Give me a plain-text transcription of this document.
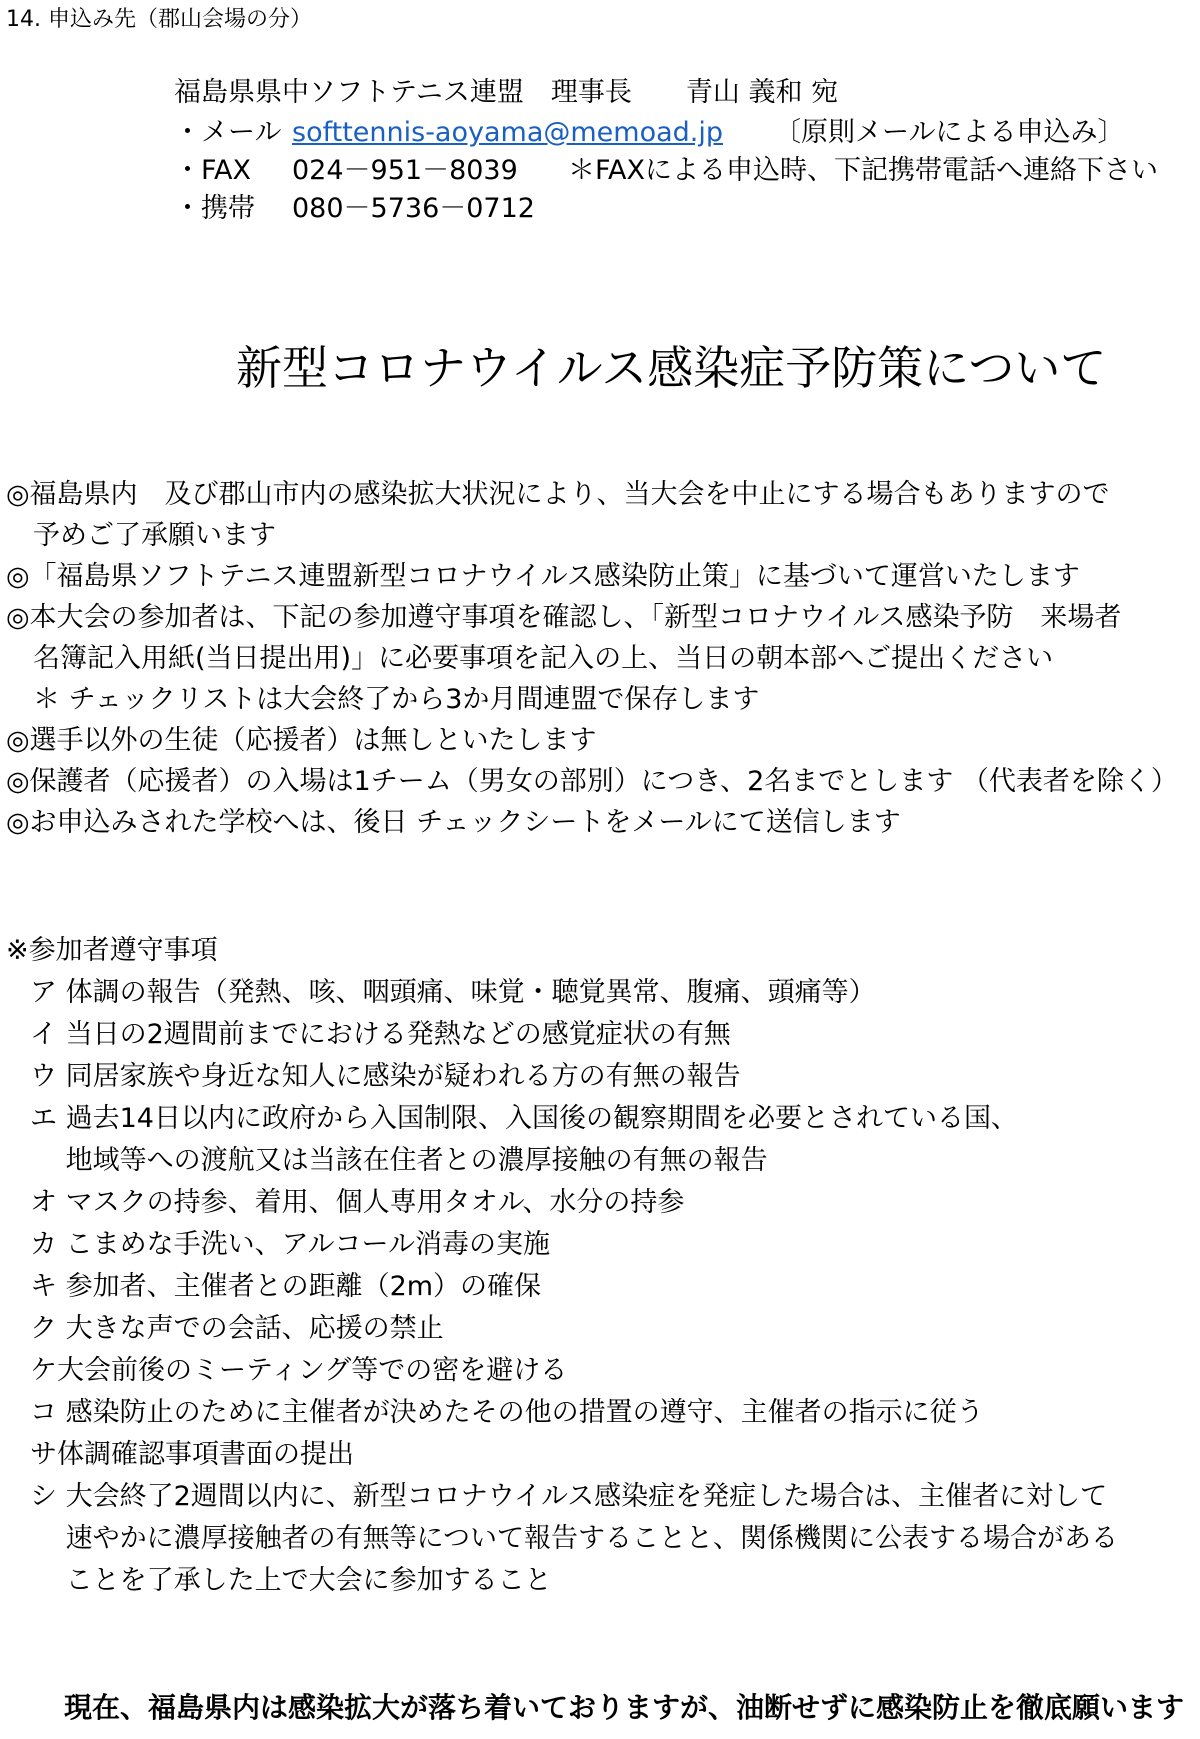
14. 申込み先（郡山会場の分）
福島県県中ソフトテニス連盟　理事長　　青山 義和 宛
・メール softtennis-aoyama@memoad.jp 〔原則メールによる申込み〕
・FAX 024－951－8039 ＊FAXによる申込時、下記携帯電話へ連絡下さい
・携帯 080－5736－0712
新型コロナウイルス感染症予防策について
◎福島県内　及び郡山市内の感染拡大状況により、当大会を中止にする場合もありますので
　予めご了承願います
◎「福島県ソフトテニス連盟新型コロナウイルス感染防止策」に基づいて運営いたします
◎本大会の参加者は、下記の参加遵守事項を確認し、「新型コロナウイルス感染予防　来場者
　名簿記入用紙(当日提出用)」に必要事項を記入の上、当日の朝本部へご提出ください
　＊ チェックリストは大会終了から3か月間連盟で保存します
◎選手以外の生徒（応援者）は無しといたします
◎保護者（応援者）の入場は1チーム（男女の部別）につき、2名までとします （代表者を除く）
◎お申込みされた学校へは、後日 チェックシートをメールにて送信します
※参加者遵守事項
ア 体調の報告（発熱、咳、咽頭痛、味覚・聴覚異常、腹痛、頭痛等）
イ 当日の2週間前までにおける発熱などの感覚症状の有無
ウ 同居家族や身近な知人に感染が疑われる方の有無の報告
エ 過去14日以内に政府から入国制限、入国後の観察期間を必要とされている国、
　 地域等への渡航又は当該在住者との濃厚接触の有無の報告
オ マスクの持参、着用、個人専用タオル、水分の持参
カ こまめな手洗い、アルコール消毒の実施
キ 参加者、主催者との距離（2m）の確保
ク 大きな声での会話、応援の禁止
ケ大会前後のミーティング等での密を避ける
コ 感染防止のために主催者が決めたその他の措置の遵守、主催者の指示に従う
サ体調確認事項書面の提出
シ 大会終了2週間以内に、新型コロナウイルス感染症を発症した場合は、主催者に対して
　 速やかに濃厚接触者の有無等について報告することと、関係機関に公表する場合がある
　 ことを了承した上で大会に参加すること
現在、福島県内は感染拡大が落ち着いておりますが、油断せずに感染防止を徹底願います
